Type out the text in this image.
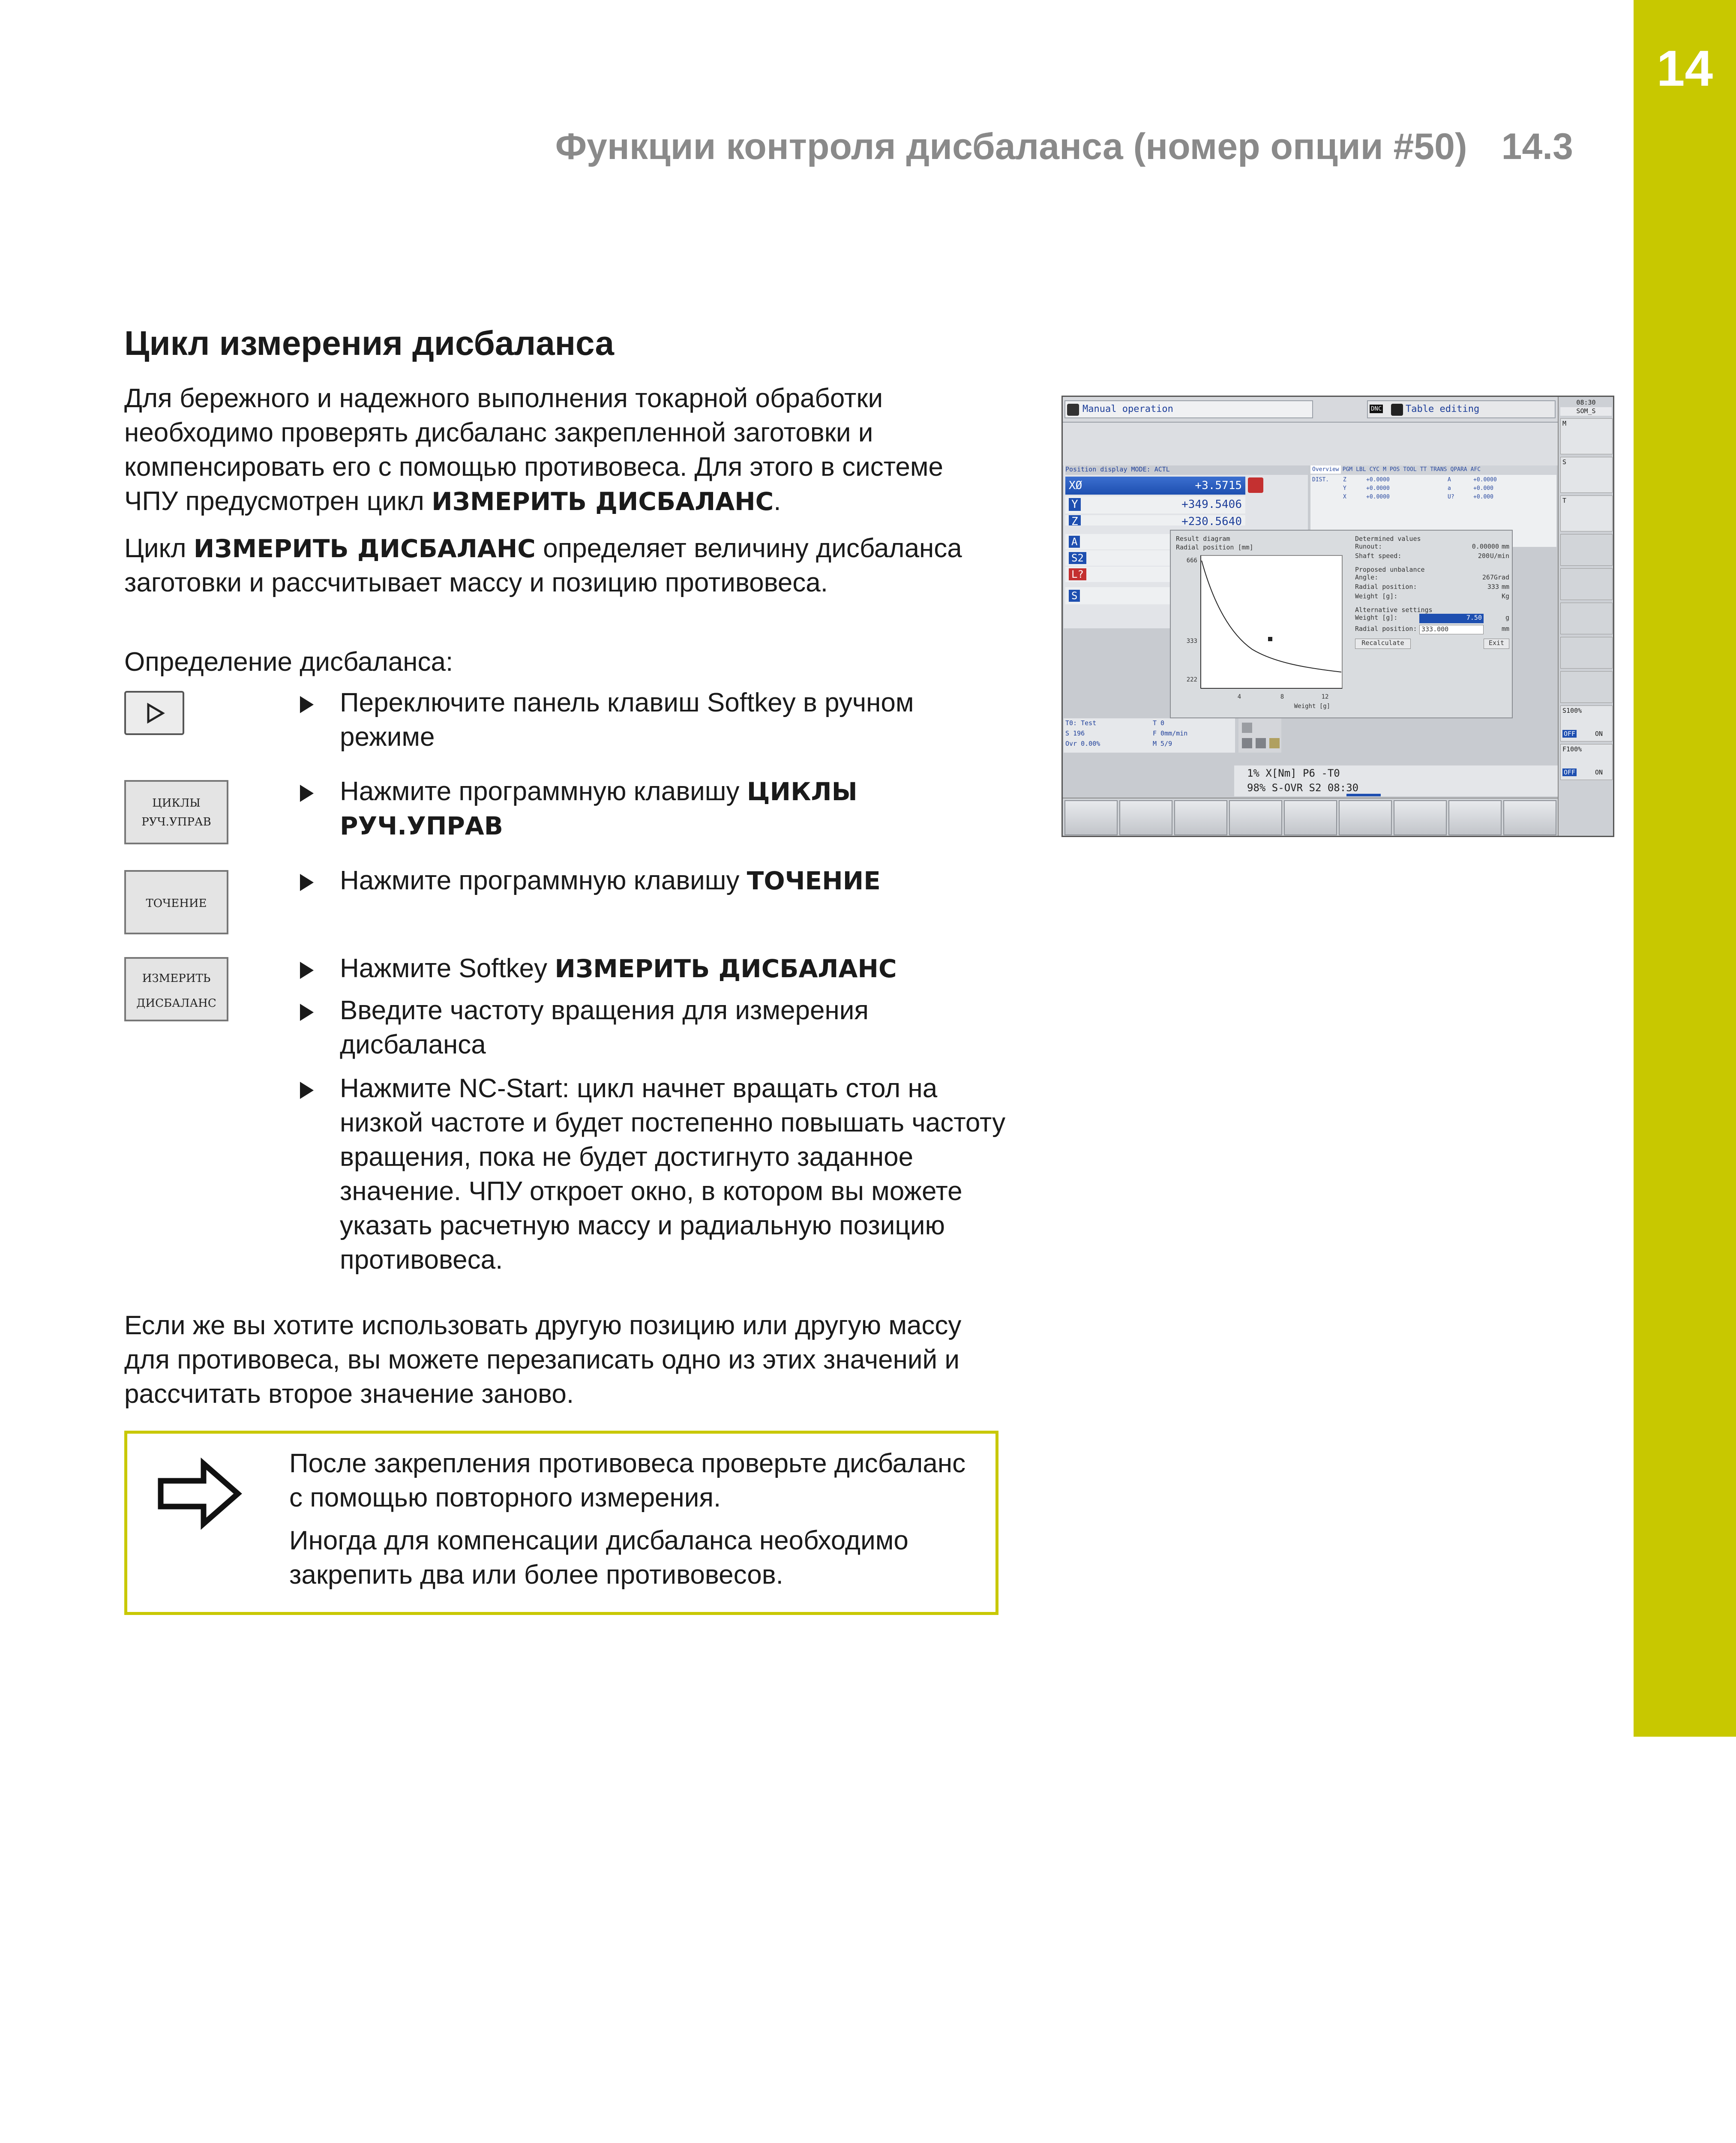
14
Функции контроля дисбаланса (номер опции #50) 14.3
Цикл измерения дисбаланса
Для бережного и надежного выполнения токарной обработки необходимо проверять дисбаланс закрепленной заготовки и компенсировать его с помощью противовеса. Для этого в системе ЧПУ предусмотрен цикл ИЗМЕРИТЬ ДИСБАЛАНС.
Цикл ИЗМЕРИТЬ ДИСБАЛАНС определяет величину дисбаланса заготовки и рассчитывает массу и позицию противовеса.
Определение дисбаланса:
ЦИКЛЫ
РУЧ.УПРАВ
ТОЧЕНИЕ
ИЗМЕРИТЬ
ДИСБАЛАНС
Переключите панель клавиш Softkey в ручном режиме
Нажмите программную клавишу ЦИКЛЫ РУЧ.УПРАВ
Нажмите программную клавишу ТОЧЕНИЕ
Нажмите Softkey ИЗМЕРИТЬ ДИСБАЛАНС
Введите частоту вращения для измерения дисбаланса
Нажмите NC-Start: цикл начнет вращать стол на низкой частоте и будет постепенно повышать частоту вращения, пока не будет достигнуто заданное значение. ЧПУ откроет окно, в котором вы можете указать расчетную массу и радиальную позицию противовеса.
Если же вы хотите использовать другую позицию или другую массу для противовеса, вы можете перезаписать одно из этих значений и рассчитать второе значение заново.
После закрепления противовеса проверьте дисбаланс с помощью повторного измерения.
Иногда для компенсации дисбаланса необходимо закрепить два или более противовесов.
Manual operation	DNC	Table editing
Position display MODE: ACTL
XØ	+3.5715
Y	+349.5406
Z	+230.5640
A
S2
L?
S
Overview PGM LBL CYC M POS TOOL TT TRANS QPARA AFC
DIST.	Z	+0.0000	A	+0.0000
Y	+0.0000	a	+0.000
X	+0.0000	U?	+0.000
Result diagram
Radial position [mm]
666
333
222
4	8	12
Weight [g]
Determined values
Runout:	0.00000 mm
Shaft speed:	200 U/min
Proposed unbalance
Angle:	267 Grad
Radial position:	333 mm
Weight [g]:	Kg
Alternative settings
Weight [g]:	7.50	g
Radial position: 333.000	mm
Recalculate	Exit
T0: Test	T 0
S 196	F 0mm/min
Ovr 0.00%	M 5/9
1% X[Nm] P6 -T0
98% S-OVR S2 08:30
08:30
SOM_S
M
S
T
S100%
OFF	ON
F100%
OFF	ON
